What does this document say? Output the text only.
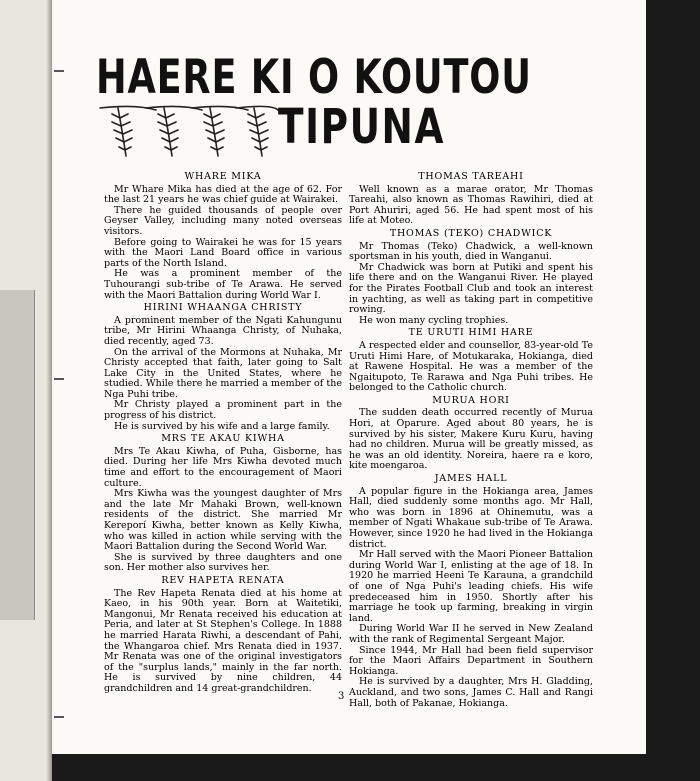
HAERE KI O KOUTOU
TIPUNA
WHARE MIKA

Mr Whare Mika has died at the age of 62. For the last 21 years he was chief guide at Wairakei.

There he guided thousands of people over Geyser Valley, including many noted overseas visitors.

Before going to Wairakei he was for 15 years with the Maori Land Board office in various parts of the North Island.

He was a prominent member of the Tuhourangi sub-tribe of Te Arawa. He served with the Maori Battalion during World War I.

HIRINI WHAANGA CHRISTY

A prominent member of the Ngati Kahungunu tribe, Mr Hirini Whaanga Christy, of Nuhaka, died recently, aged 73.

On the arrival of the Mormons at Nuhaka, Mr Christy accepted that faith, later going to Salt Lake City in the United States, where he studied. While there he married a member of the Nga Puhi tribe.

Mr Christy played a prominent part in the progress of his district.

He is survived by his wife and a large family.

MRS TE AKAU KIWHA

Mrs Te Akau Kiwha, of Puha, Gisborne, has died. During her life Mrs Kiwha devoted much time and effort to the encouragement of Maori culture.

Mrs Kiwha was the youngest daughter of Mrs and the late Mr Mahaki Brown, well-known residents of the district. She married Mr Kereporí Kiwha, better known as Kelly Kiwha, who was killed in action while serving with the Maori Battalion during the Second World War.

She is survived by three daughters and one son. Her mother also survives her.

REV HAPETA RENATA

The Rev Hapeta Renata died at his home at Kaeo, in his 90th year. Born at Waitetiki, Mangonui, Mr Renata received his education at Peria, and later at St Stephen's College. In 1888 he married Harata Riwhi, a descendant of Pahi, the Whangaroa chief. Mrs Renata died in 1937. Mr Renata was one of the original investigators of the "surplus lands," mainly in the far north. He is survived by nine children, 44 grandchildren and 14 great-grandchildren.

THOMAS TAREAHI

Well known as a marae orator, Mr Thomas Tareahi, also known as Thomas Rawihiri, died at Port Ahuriri, aged 56. He had spent most of his life at Moteo.

THOMAS (TEKO) CHADWICK

Mr Thomas (Teko) Chadwick, a well-known sportsman in his youth, died in Wanganui.

Mr Chadwick was born at Putiki and spent his life there and on the Wanganui River. He played for the Pirates Football Club and took an interest in yachting, as well as taking part in competitive rowing.

He won many cycling trophies.

TE URUTI HIMI HARE

A respected elder and counsellor, 83-year-old Te Uruti Himi Hare, of Motukaraka, Hokianga, died at Rawene Hospital. He was a member of the Ngaitupoto, Te Rarawa and Nga Puhi tribes. He belonged to the Catholic church.

MURUA HORI

The sudden death occurred recently of Murua Hori, at Oparure. Aged about 80 years, he is survived by his sister, Makere Kuru Kuru, having had no children. Murua will be greatly missed, as he was an old identity. Noreira, haere ra e koro, kite moengaroa.

JAMES HALL

A popular figure in the Hokianga area, James Hall, died suddenly some months ago. Mr Hall, who was born in 1896 at Ohinemutu, was a member of Ngati Whakaue sub-tribe of Te Arawa. However, since 1920 he had lived in the Hokianga district.

Mr Hall served with the Maori Pioneer Battalion during World War I, enlisting at the age of 18. In 1920 he married Heeni Te Karauna, a grandchild of one of Nga Puhi's leading chiefs. His wife predeceased him in 1950. Shortly after his marriage he took up farming, breaking in virgin land.

During World War II he served in New Zealand with the rank of Regimental Sergeant Major.

Since 1944, Mr Hall had been field supervisor for the Maori Affairs Department in Southern Hokianga.

He is survived by a daughter, Mrs H. Gladding, Auckland, and two sons, James C. Hall and Rangi Hall, both of Pakanae, Hokianga.

3
